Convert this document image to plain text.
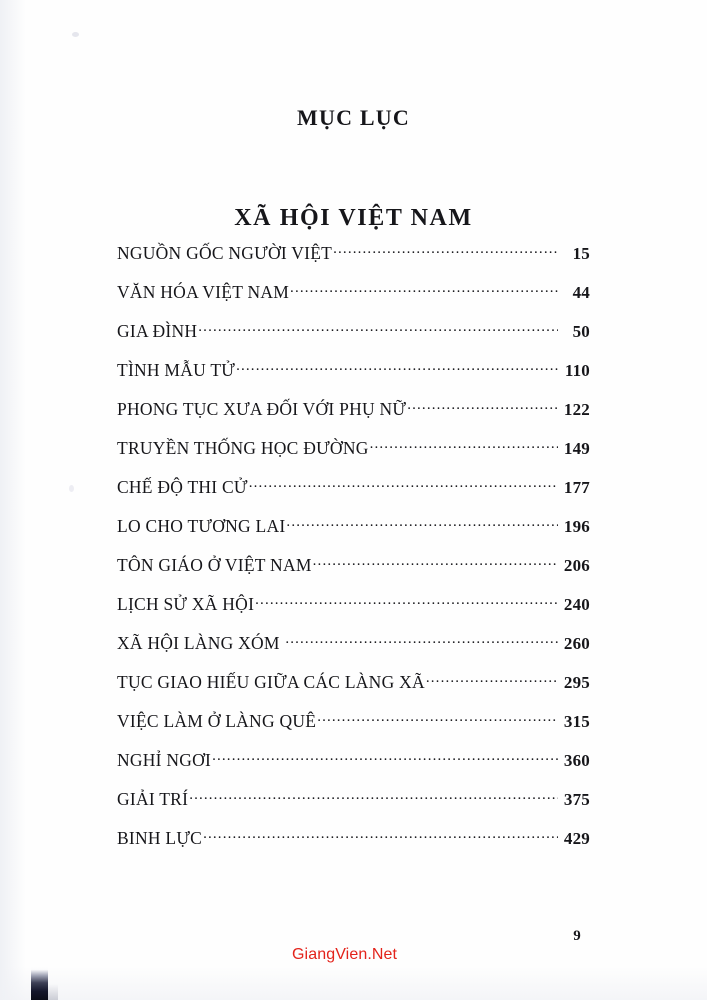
MỤC LỤC
XÃ HỘI VIỆT NAM
NGUỒN GỐC NGƯỜI VIỆT .....	15
VĂN HÓA VIỆT NAM .....	44
GIA ĐÌNH .....	50
TÌNH MẪU TỬ .....	110
PHONG TỤC XƯA ĐỐI VỚI PHỤ NỮ .....	122
TRUYỀN THỐNG HỌC ĐƯỜNG .....	149
CHẾ ĐỘ THI CỬ .....	177
LO CHO TƯƠNG LAI .....	196
TÔN GIÁO Ở VIỆT NAM .....	206
LỊCH SỬ XÃ HỘI .....	240
XÃ HỘI LÀNG XÓM .....	260
TỤC GIAO HIẾU GIỮA CÁC LÀNG XÃ .....	295
VIỆC LÀM Ở LÀNG QUÊ .....	315
NGHỈ NGƠI .....	360
GIẢI TRÍ .....	375
BINH LỰC .....	429
9
GiangVien.Net
